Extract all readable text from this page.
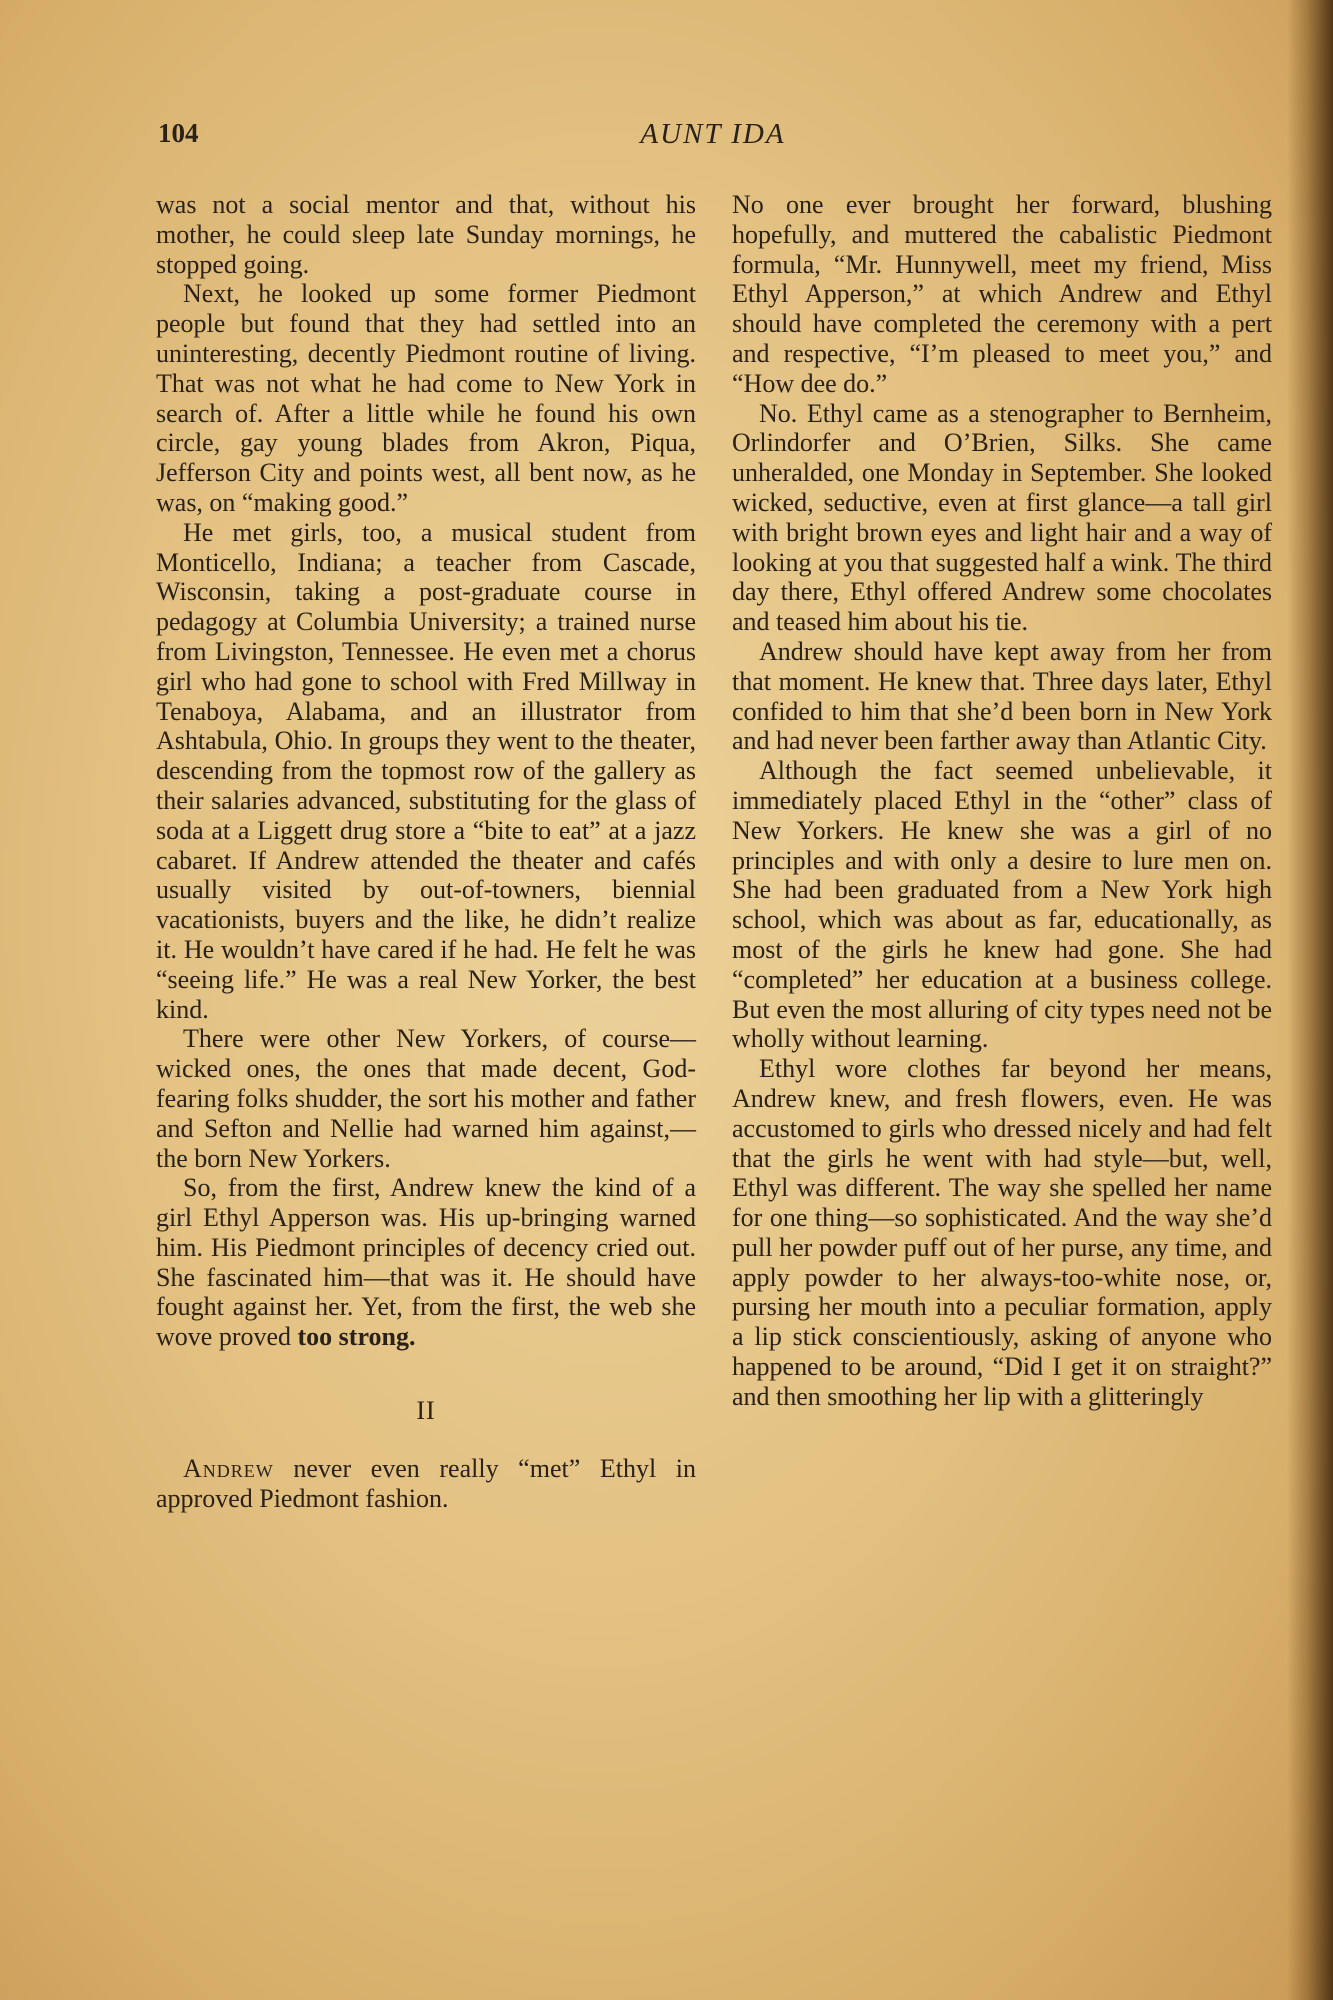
104	AUNT IDA

was not a social mentor and that, without his mother, he could sleep late Sunday mornings, he stopped going.

Next, he looked up some former Piedmont people but found that they had settled into an uninteresting, decently Piedmont routine of living. That was not what he had come to New York in search of. After a little while he found his own circle, gay young blades from Akron, Piqua, Jefferson City and points west, all bent now, as he was, on “making good.”

He met girls, too, a musical student from Monticello, Indiana; a teacher from Cascade, Wisconsin, taking a post-graduate course in pedagogy at Columbia University; a trained nurse from Livingston, Tennessee. He even met a chorus girl who had gone to school with Fred Millway in Tenaboya, Alabama, and an illustrator from Ashtabula, Ohio. In groups they went to the theater, descending from the topmost row of the gallery as their salaries advanced, substituting for the glass of soda at a Liggett drug store a “bite to eat” at a jazz cabaret. If Andrew attended the theater and cafés usually visited by out-of-towners, biennial vacationists, buyers and the like, he didn’t realize it. He wouldn’t have cared if he had. He felt he was “seeing life.” He was a real New Yorker, the best kind.

There were other New Yorkers, of course—wicked ones, the ones that made decent, God-fearing folks shudder, the sort his mother and father and Sefton and Nellie had warned him against,—the born New Yorkers.

So, from the first, Andrew knew the kind of a girl Ethyl Apperson was. His up-bringing warned him. His Piedmont principles of decency cried out. She fascinated him—that was it. He should have fought against her. Yet, from the first, the web she wove proved too strong.

II

Andrew never even really “met” Ethyl in approved Piedmont fashion.

No one ever brought her forward, blushing hopefully, and muttered the cabalistic Piedmont formula, “Mr. Hunnywell, meet my friend, Miss Ethyl Apperson,” at which Andrew and Ethyl should have completed the ceremony with a pert and respective, “I’m pleased to meet you,” and “How dee do.”

No. Ethyl came as a stenographer to Bernheim, Orlindorfer and O’Brien, Silks. She came unheralded, one Monday in September. She looked wicked, seductive, even at first glance—a tall girl with bright brown eyes and light hair and a way of looking at you that suggested half a wink. The third day there, Ethyl offered Andrew some chocolates and teased him about his tie.

Andrew should have kept away from her from that moment. He knew that. Three days later, Ethyl confided to him that she’d been born in New York and had never been farther away than Atlantic City.

Although the fact seemed unbelievable, it immediately placed Ethyl in the “other” class of New Yorkers. He knew she was a girl of no principles and with only a desire to lure men on. She had been graduated from a New York high school, which was about as far, educationally, as most of the girls he knew had gone. She had “completed” her education at a business college. But even the most alluring of city types need not be wholly without learning.

Ethyl wore clothes far beyond her means, Andrew knew, and fresh flowers, even. He was accustomed to girls who dressed nicely and had felt that the girls he went with had style—but, well, Ethyl was different. The way she spelled her name for one thing—so sophisticated. And the way she’d pull her powder puff out of her purse, any time, and apply powder to her always-too-white nose, or, pursing her mouth into a peculiar formation, apply a lip stick conscientiously, asking of anyone who happened to be around, “Did I get it on straight?” and then smoothing her lip with a glitteringly
